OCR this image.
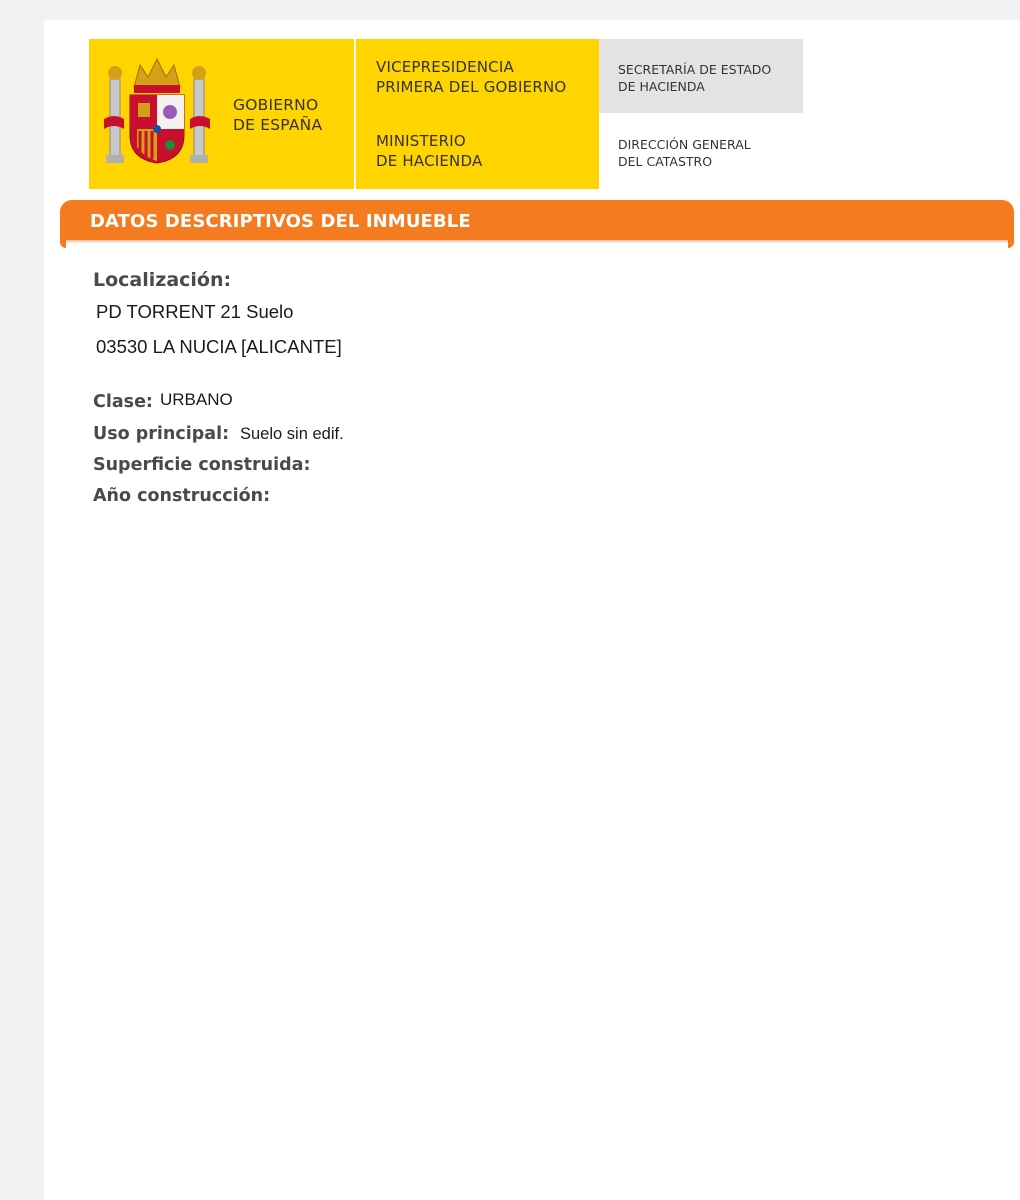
GOBIERNO
DE ESPAÑA
VICEPRESIDENCIA
PRIMERA DEL GOBIERNO
MINISTERIO
DE HACIENDA
SECRETARÍA DE ESTADO
DE HACIENDA
DIRECCIÓN GENERAL
DEL CATASTRO
DATOS DESCRIPTIVOS DEL INMUEBLE
Localización:
PD TORRENT 21 Suelo
03530 LA NUCIA [ALICANTE]
Clase: URBANO
Uso principal: Suelo sin edif.
Superficie construida:
Año construcción:
